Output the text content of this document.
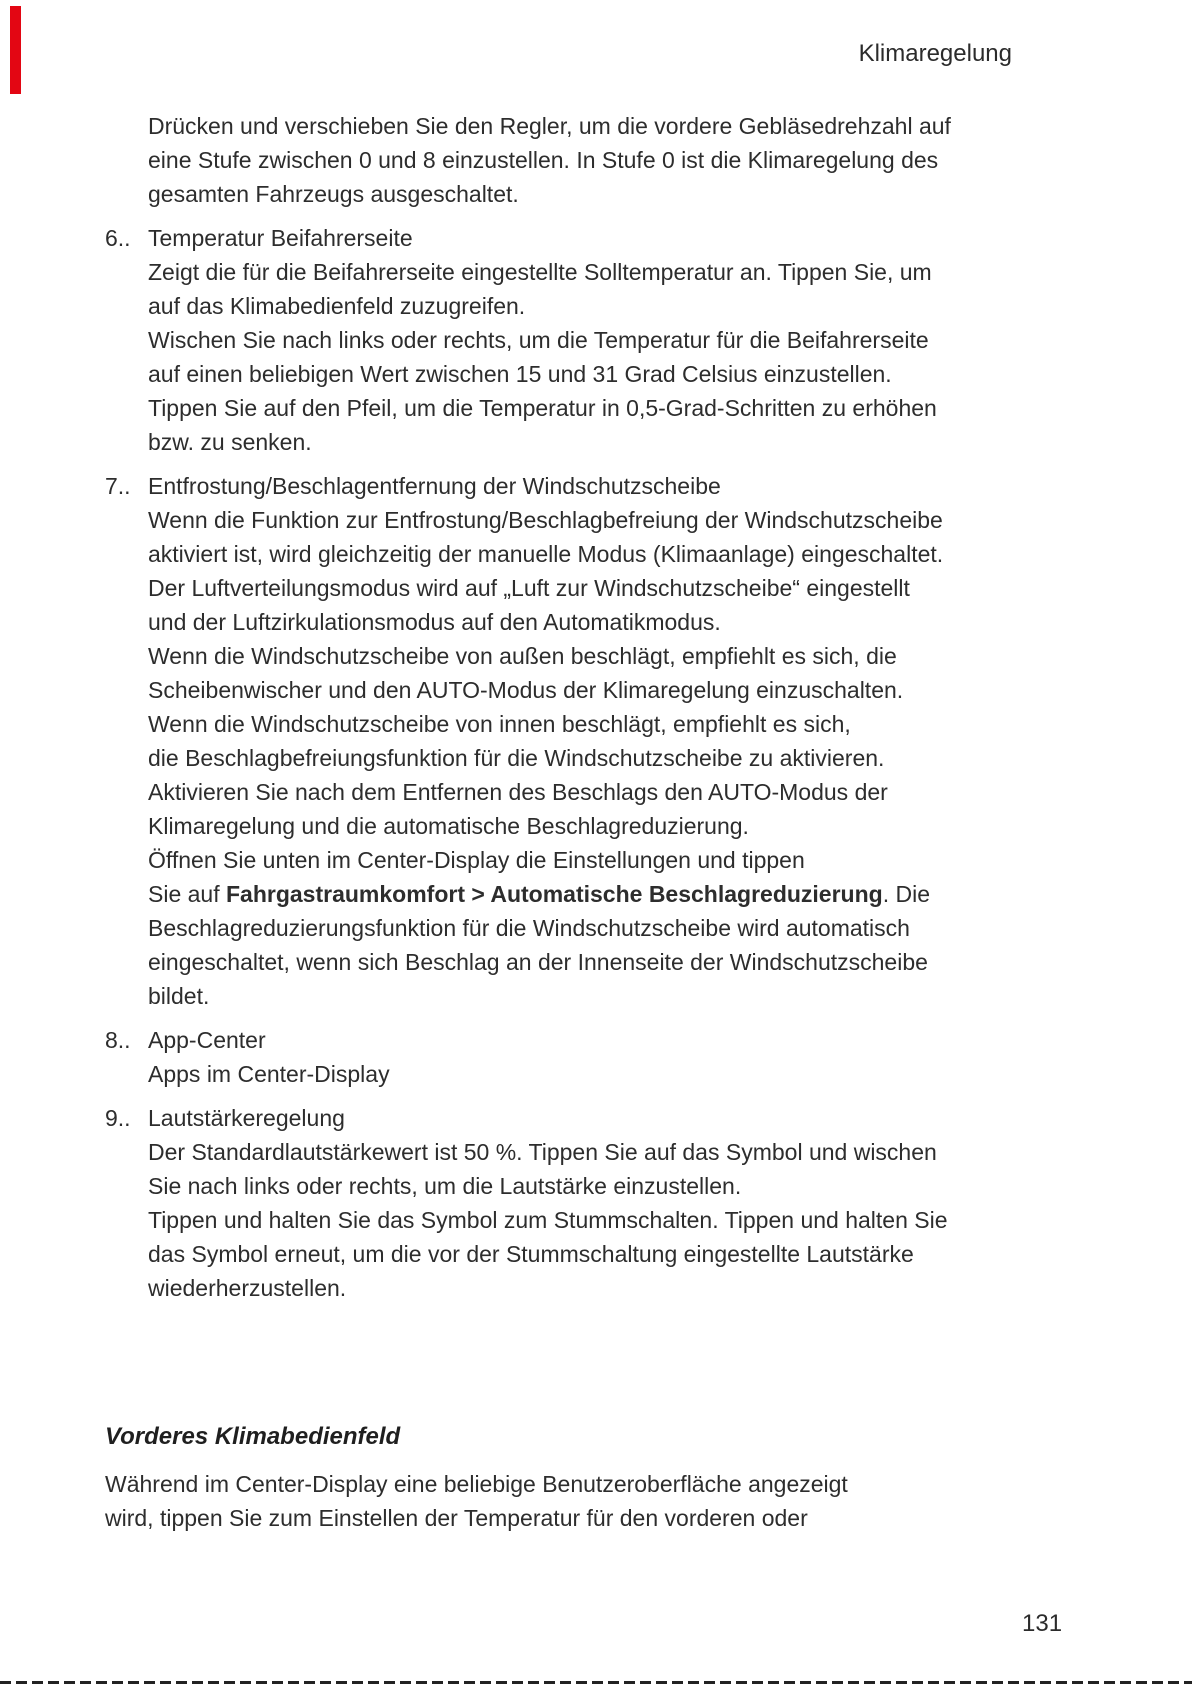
Klimaregelung
Drücken und verschieben Sie den Regler, um die vordere Gebläsedrehzahl auf
eine Stufe zwischen 0 und 8 einzustellen. In Stufe 0 ist die Klimaregelung des
gesamten Fahrzeugs ausgeschaltet.
6.. Temperatur Beifahrerseite
Zeigt die für die Beifahrerseite eingestellte Solltemperatur an. Tippen Sie, um
auf das Klimabedienfeld zuzugreifen.
Wischen Sie nach links oder rechts, um die Temperatur für die Beifahrerseite
auf einen beliebigen Wert zwischen 15 und 31 Grad Celsius einzustellen.
Tippen Sie auf den Pfeil, um die Temperatur in 0,5-Grad-Schritten zu erhöhen
bzw. zu senken.
7.. Entfrostung/Beschlagentfernung der Windschutzscheibe
Wenn die Funktion zur Entfrostung/Beschlagbefreiung der Windschutzscheibe
aktiviert ist, wird gleichzeitig der manuelle Modus (Klimaanlage) eingeschaltet.
Der Luftverteilungsmodus wird auf „Luft zur Windschutzscheibe“ eingestellt
und der Luftzirkulationsmodus auf den Automatikmodus.
Wenn die Windschutzscheibe von außen beschlägt, empfiehlt es sich, die
Scheibenwischer und den AUTO-Modus der Klimaregelung einzuschalten.
Wenn die Windschutzscheibe von innen beschlägt, empfiehlt es sich,
die Beschlagbefreiungsfunktion für die Windschutzscheibe zu aktivieren.
Aktivieren Sie nach dem Entfernen des Beschlags den AUTO-Modus der
Klimaregelung und die automatische Beschlagreduzierung.
Öffnen Sie unten im Center-Display die Einstellungen und tippen
Sie auf Fahrgastraumkomfort > Automatische Beschlagreduzierung. Die
Beschlagreduzierungsfunktion für die Windschutzscheibe wird automatisch
eingeschaltet, wenn sich Beschlag an der Innenseite der Windschutzscheibe
bildet.
8.. App-Center
Apps im Center-Display
9.. Lautstärkeregelung
Der Standardlautstärkewert ist 50 %. Tippen Sie auf das Symbol und wischen
Sie nach links oder rechts, um die Lautstärke einzustellen.
Tippen und halten Sie das Symbol zum Stummschalten. Tippen und halten Sie
das Symbol erneut, um die vor der Stummschaltung eingestellte Lautstärke
wiederherzustellen.
Vorderes Klimabedienfeld
Während im Center-Display eine beliebige Benutzeroberfläche angezeigt
wird, tippen Sie zum Einstellen der Temperatur für den vorderen oder
131
